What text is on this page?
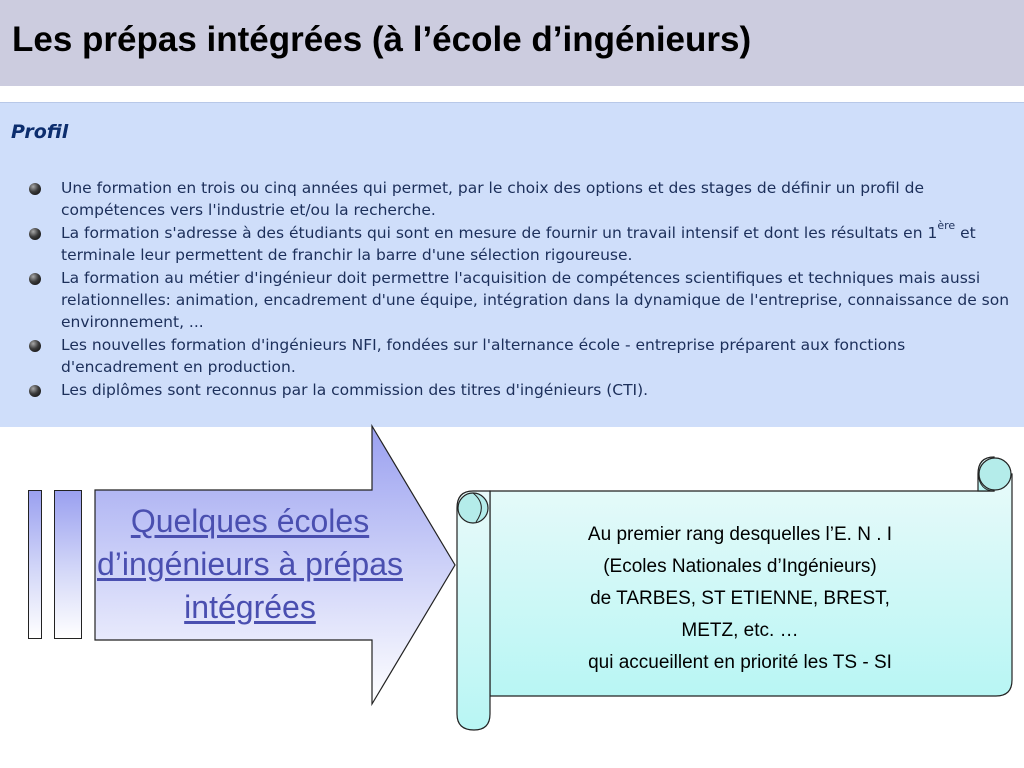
Les prépas intégrées (à l’école d’ingénieurs)
Profil
Une formation en trois ou cinq années qui permet, par le choix des options et des stages de définir un profil de compétences vers l'industrie et/ou la recherche.
La formation s'adresse à des étudiants qui sont en mesure de fournir un travail intensif et dont les résultats en 1ère et terminale leur permettent de franchir la barre d'une sélection rigoureuse.
La formation au métier d'ingénieur doit permettre l'acquisition de compétences scientifiques et techniques mais aussi relationnelles: animation, encadrement d'une équipe, intégration dans la dynamique de l'entreprise, connaissance de son environnement, ...
Les nouvelles formation d'ingénieurs NFI, fondées sur l'alternance école - entreprise préparent aux fonctions d'encadrement en production.
Les diplômes sont reconnus par la commission des titres d'ingénieurs (CTI).

Quelques écoles d’ingénieurs à prépas intégrées

Au premier rang desquelles l’E. N . I
(Ecoles Nationales d’Ingénieurs)
de TARBES, ST ETIENNE, BREST,
METZ, etc. …
qui accueillent en priorité les TS - SI
